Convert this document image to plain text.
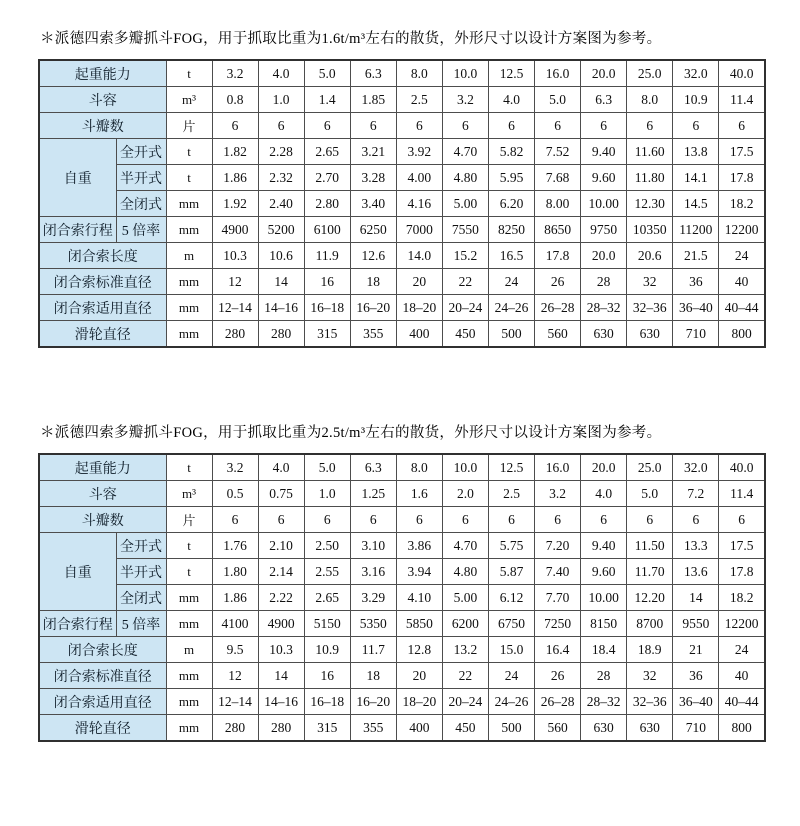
＊派德四索多瓣抓斗FOG，用于抓取比重为1.6t/m³左右的散货，外形尺寸以设计方案图为参考。

起重能力		t	3.2	4.0	5.0	6.3	8.0	10.0	12.5	16.0	20.0	25.0	32.0	40.0
斗容		m³	0.8	1.0	1.4	1.85	2.5	3.2	4.0	5.0	6.3	8.0	10.9	11.4
斗瓣数		片	6	6	6	6	6	6	6	6	6	6	6	6
自重	全开式	t	1.82	2.28	2.65	3.21	3.92	4.70	5.82	7.52	9.40	11.60	13.8	17.5
	半开式	t	1.86	2.32	2.70	3.28	4.00	4.80	5.95	7.68	9.60	11.80	14.1	17.8
	全闭式	mm	1.92	2.40	2.80	3.40	4.16	5.00	6.20	8.00	10.00	12.30	14.5	18.2
闭合索行程	5 倍率	mm	4900	5200	6100	6250	7000	7550	8250	8650	9750	10350	11200	12200
闭合索长度		m	10.3	10.6	11.9	12.6	14.0	15.2	16.5	17.8	20.0	20.6	21.5	24
闭合索标准直径		mm	12	14	16	18	20	22	24	26	28	32	36	40
闭合索适用直径		mm	12–14	14–16	16–18	16–20	18–20	20–24	24–26	26–28	28–32	32–36	36–40	40–44
滑轮直径		mm	280	280	315	355	400	450	500	560	630	630	710	800

＊派德四索多瓣抓斗FOG，用于抓取比重为2.5t/m³左右的散货，外形尺寸以设计方案图为参考。

起重能力		t	3.2	4.0	5.0	6.3	8.0	10.0	12.5	16.0	20.0	25.0	32.0	40.0
斗容		m³	0.5	0.75	1.0	1.25	1.6	2.0	2.5	3.2	4.0	5.0	7.2	11.4
斗瓣数		片	6	6	6	6	6	6	6	6	6	6	6	6
自重	全开式	t	1.76	2.10	2.50	3.10	3.86	4.70	5.75	7.20	9.40	11.50	13.3	17.5
	半开式	t	1.80	2.14	2.55	3.16	3.94	4.80	5.87	7.40	9.60	11.70	13.6	17.8
	全闭式	mm	1.86	2.22	2.65	3.29	4.10	5.00	6.12	7.70	10.00	12.20	14	18.2
闭合索行程	5 倍率	mm	4100	4900	5150	5350	5850	6200	6750	7250	8150	8700	9550	12200
闭合索长度		m	9.5	10.3	10.9	11.7	12.8	13.2	15.0	16.4	18.4	18.9	21	24
闭合索标准直径		mm	12	14	16	18	20	22	24	26	28	32	36	40
闭合索适用直径		mm	12–14	14–16	16–18	16–20	18–20	20–24	24–26	26–28	28–32	32–36	36–40	40–44
滑轮直径		mm	280	280	315	355	400	450	500	560	630	630	710	800
